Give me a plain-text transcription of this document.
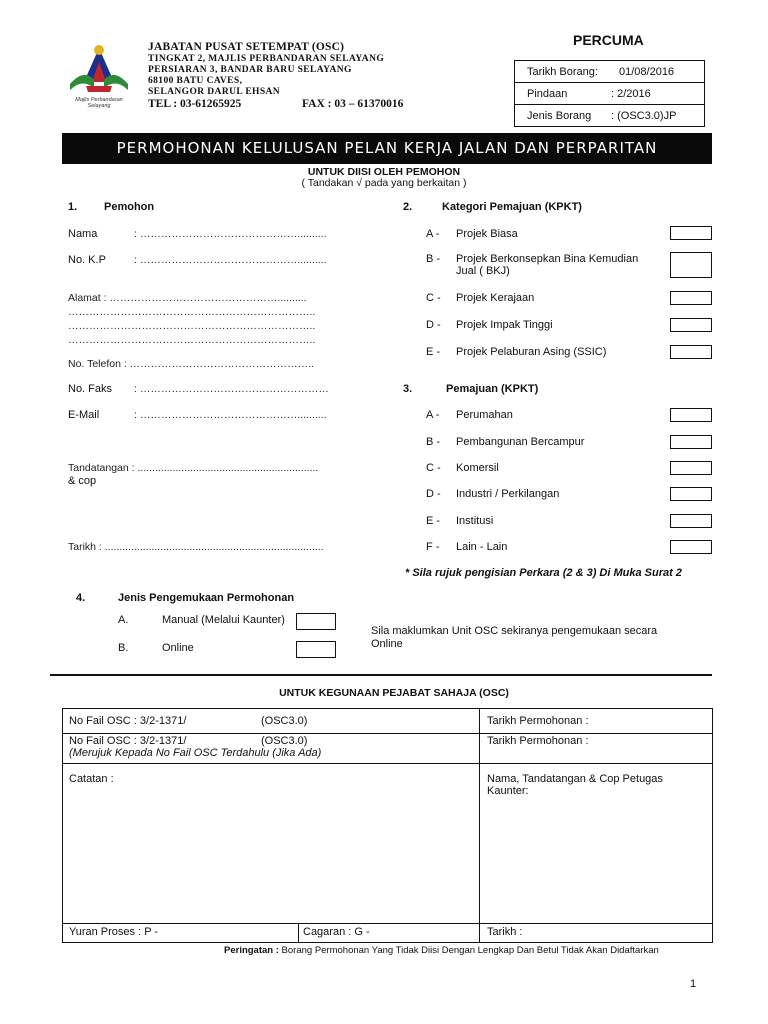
Majlis Perbandaran Selayang
JABATAN PUSAT SETEMPAT (OSC)
TINGKAT 2, MAJLIS PERBANDARAN SELAYANG
PERSIARAN 3, BANDAR BARU SELAYANG
68100 BATU CAVES,
SELANGOR DARUL EHSAN
TEL : 03-61265925	FAX : 03 – 61370016
PERCUMA
Tarikh Borang: 01/08/2016
Pindaan	: 2/2016
Jenis Borang : (OSC3.0)JP
PERMOHONAN KELULUSAN PELAN KERJA JALAN DAN PERPARITAN
UNTUK DIISI OLEH PEMOHON
( Tandakan √ pada yang berkaitan )
1. Pemohon
Nama	: ………………………………………..........
No. K.P	: ………………………………………..........
Alamat : …………………………………………..........
……………………………………………………………..
……………………………………………………………..
……………………………………………………………..
No. Telefon : ……………………………………………..
No. Faks : ………………………………………………
E-Mail	: ………………………………………..........
Tandatangan : ..............................................................
& cop
Tarikh : ...........................................................................
2.	Kategori Pemajuan (KPKT)
A - Projek Biasa
B - Projek Berkonsepkan Bina Kemudian
Jual ( BKJ)
C - Projek Kerajaan
D - Projek Impak Tinggi
E - Projek Pelaburan Asing (SSIC)
3.	Pemajuan (KPKT)
A - Perumahan
B - Pembangunan Bercampur
C - Komersil
D - Industri / Perkilangan
E - Institusi
F - Lain - Lain
* Sila rujuk pengisian Perkara (2 & 3) Di Muka Surat 2
4.	Jenis Pengemukaan Permohonan
A.	Manual (Melalui Kaunter)
B.	Online
Sila maklumkan Unit OSC sekiranya pengemukaan secara
Online
UNTUK KEGUNAAN PEJABAT SAHAJA (OSC)
No Fail OSC : 3/2-1371/	(OSC3.0)	Tarikh Permohonan :
No Fail OSC : 3/2-1371/	(OSC3.0)
(Merujuk Kepada No Fail OSC Terdahulu (Jika Ada)
Tarikh Permohonan :
Catatan :	Nama, Tandatangan & Cop Petugas
Kaunter:
Yuran Proses : P -	Cagaran : G -	Tarikh :
Peringatan : Borang Permohonan Yang Tidak Diisi Dengan Lengkap Dan Betul Tidak Akan Didaftarkan
1
